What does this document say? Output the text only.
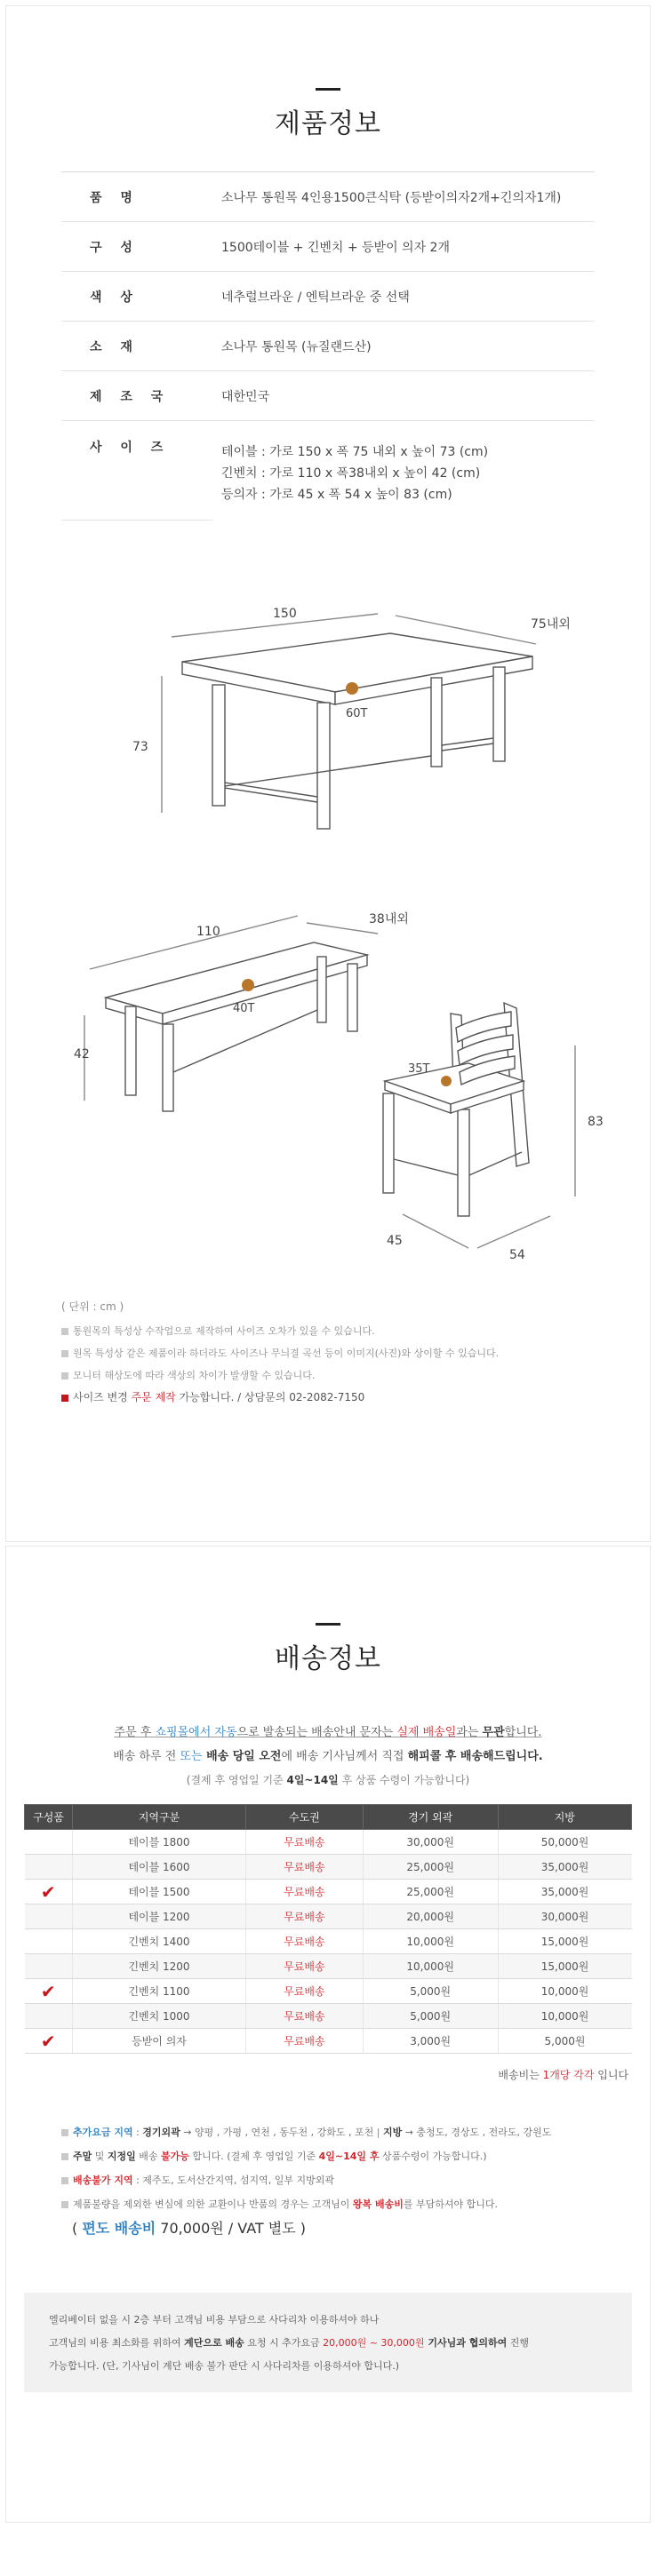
제품정보
품 명	소나무 통원목 4인용1500큰식탁 (등받이의자2개+긴의자1개)
구 성	1500테이블 + 긴벤치 + 등받이 의자 2개
색 상	네추럴브라운 / 엔틱브라운 중 선택
소 재	소나무 통원목 (뉴질랜드산)
제 조 국	대한민국
사 이 즈	테이블 : 가로 150 x 폭 75 내외 x 높이 73 (cm)
긴벤치 : 가로 110 x 폭38내외 x 높이 42 (cm)
등의자 : 가로 45 x 폭 54 x 높이 83 (cm)
150
75내외
73
60T
110
38내외
42
40T
35T
83
45
54
( 단위 : cm )
통원목의 특성상 수작업으로 제작하여 사이즈 오차가 있을 수 있습니다.
원목 특성상 같은 제품이라 하더라도 사이즈나 무늬결 곡선 등이 이미지(사진)와 상이할 수 있습니다.
모니터 해상도에 따라 색상의 차이가 발생할 수 있습니다.
사이즈 변경 주문 제작 가능합니다. / 상담문의 02-2082-7150
배송정보
주문 후 쇼핑몰에서 자동으로 발송되는 배송안내 문자는 실제 배송일과는 무관합니다.
배송 하루 전 또는 배송 당일 오전에 배송 기사님께서 직접 해피콜 후 배송해드립니다.
(결제 후 영업일 기준 4일~14일 후 상품 수령이 가능합니다)
구성품	지역구분	수도권	경기 외곽	지방
	테이블 1800	무료배송	30,000원	50,000원
	테이블 1600	무료배송	25,000원	35,000원
✔	테이블 1500	무료배송	25,000원	35,000원
	테이블 1200	무료배송	20,000원	30,000원
	긴벤치 1400	무료배송	10,000원	15,000원
	긴벤치 1200	무료배송	10,000원	15,000원
✔	긴벤치 1100	무료배송	5,000원	10,000원
	긴벤치 1000	무료배송	5,000원	10,000원
✔	등받이 의자	무료배송	3,000원	5,000원
배송비는 1개당 각각 입니다
추가요금 지역 : 경기외곽 → 양평 , 가평 , 연천 , 동두천 , 강화도 , 포천 | 지방 → 충청도, 경상도 , 전라도, 강원도
주말 및 지정일 배송 불가능 합니다. (결제 후 영업일 기준 4일~14일 후 상품수령이 가능합니다.)
배송불가 지역 : 제주도, 도서산간지역, 섬지역, 일부 지방외곽
제품불량을 제외한 변심에 의한 교환이나 반품의 경우는 고객님이 왕복 배송비를 부담하셔야 합니다.
( 편도 배송비 70,000원 / VAT 별도 )
엘리베이터 없을 시 2층 부터 고객님 비용 부담으로 사다리차 이용하셔야 하나
고객님의 비용 최소화를 위하여 계단으로 배송 요청 시 추가요금 20,000원 ~ 30,000원 기사님과 협의하여 진행
가능합니다. (단, 기사님이 계단 배송 불가 판단 시 사다리차를 이용하셔야 합니다.)
